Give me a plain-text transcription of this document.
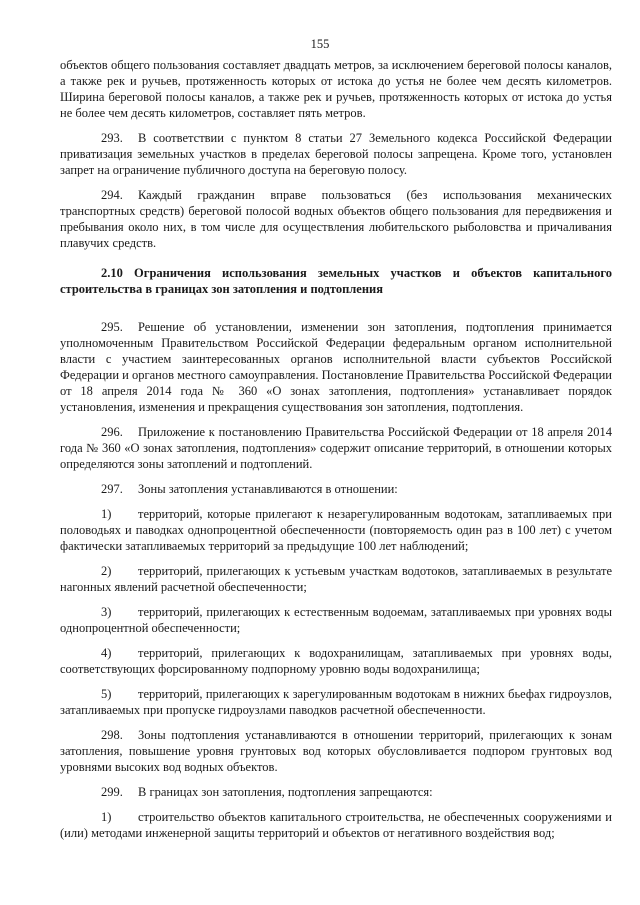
155

объектов общего пользования составляет двадцать метров, за исключением береговой полосы каналов, а также рек и ручьев, протяженность которых от истока до устья не более чем десять километров. Ширина береговой полосы каналов, а также рек и ручьев, протяженность которых от истока до устья не более чем десять километров, составляет пять метров.

293. В соответствии с пунктом 8 статьи 27 Земельного кодекса Российской Федерации приватизация земельных участков в пределах береговой полосы запрещена. Кроме того, установлен запрет на ограничение публичного доступа на береговую полосу.

294. Каждый гражданин вправе пользоваться (без использования механических транспортных средств) береговой полосой водных объектов общего пользования для передвижения и пребывания около них, в том числе для осуществления любительского рыболовства и причаливания плавучих средств.

2.10 Ограничения использования земельных участков и объектов капитального строительства в границах зон затопления и подтопления

295. Решение об установлении, изменении зон затопления, подтопления принимается уполномоченным Правительством Российской Федерации федеральным органом исполнительной власти с участием заинтересованных органов исполнительной власти субъектов Российской Федерации и органов местного самоуправления. Постановление Правительства Российской Федерации от 18 апреля 2014 года № 360 «О зонах затопления, подтопления» устанавливает порядок установления, изменения и прекращения существования зон затопления, подтопления.

296. Приложение к постановлению Правительства Российской Федерации от 18 апреля 2014 года № 360 «О зонах затопления, подтопления» содержит описание территорий, в отношении которых определяются зоны затоплений и подтоплений.

297. Зоны затопления устанавливаются в отношении:

1) территорий, которые прилегают к незарегулированным водотокам, затапливаемых при половодьях и паводках однопроцентной обеспеченности (повторяемость один раз в 100 лет) с учетом фактически затапливаемых территорий за предыдущие 100 лет наблюдений;

2) территорий, прилегающих к устьевым участкам водотоков, затапливаемых в результате нагонных явлений расчетной обеспеченности;

3) территорий, прилегающих к естественным водоемам, затапливаемых при уровнях воды однопроцентной обеспеченности;

4) территорий, прилегающих к водохранилищам, затапливаемых при уровнях воды, соответствующих форсированному подпорному уровню воды водохранилища;

5) территорий, прилегающих к зарегулированным водотокам в нижних бьефах гидроузлов, затапливаемых при пропуске гидроузлами паводков расчетной обеспеченности.

298. Зоны подтопления устанавливаются в отношении территорий, прилегающих к зонам затопления, повышение уровня грунтовых вод которых обусловливается подпором грунтовых вод уровнями высоких вод водных объектов.

299. В границах зон затопления, подтопления запрещаются:

1) строительство объектов капитального строительства, не обеспеченных сооружениями и (или) методами инженерной защиты территорий и объектов от негативного воздействия вод;
